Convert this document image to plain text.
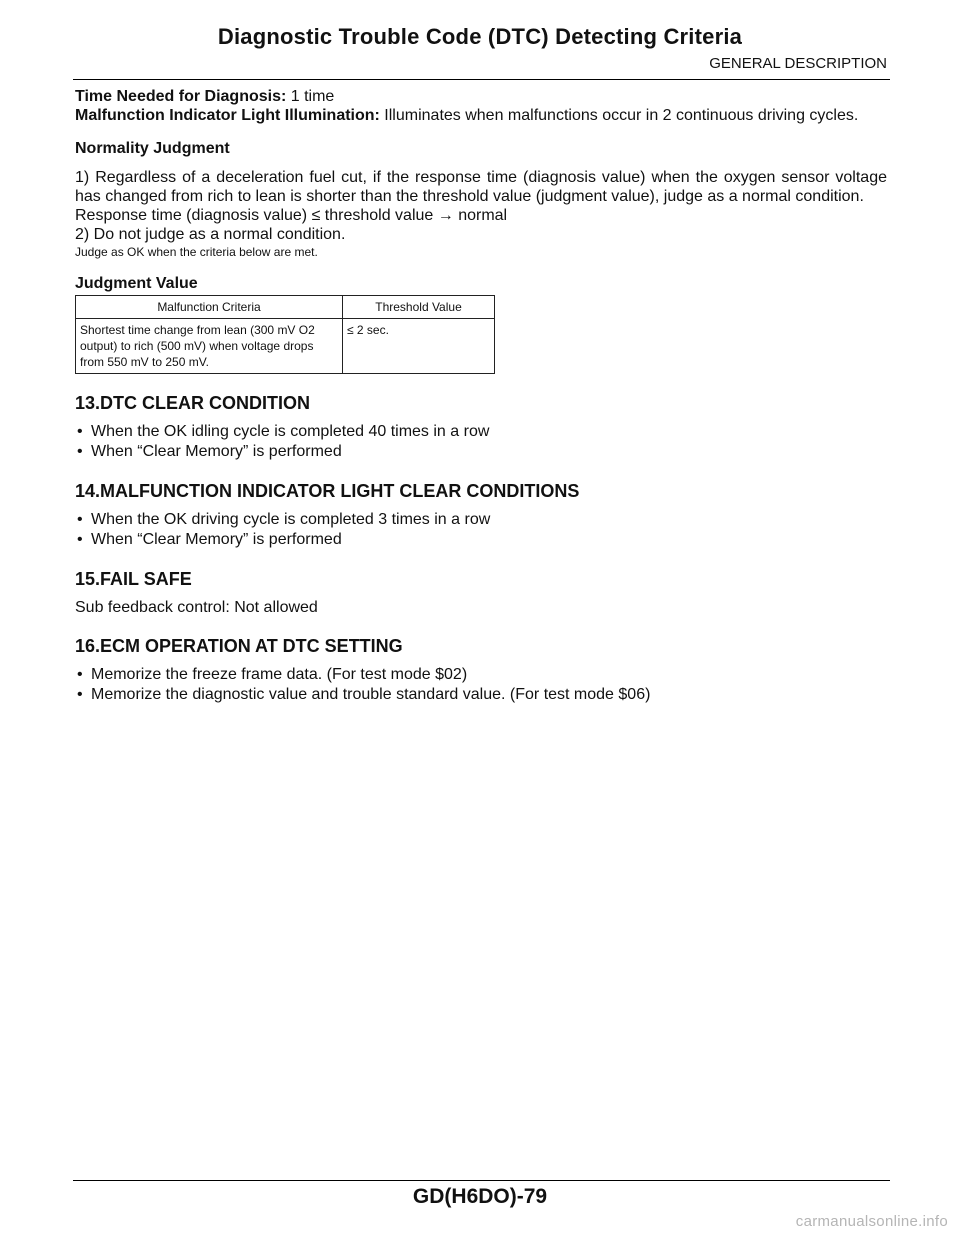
Diagnostic Trouble Code (DTC) Detecting Criteria
GENERAL DESCRIPTION

Time Needed for Diagnosis: 1 time

Malfunction Indicator Light Illumination: Illuminates when malfunctions occur in 2 continuous driving cycles.

Normality Judgment

1) Regardless of a deceleration fuel cut, if the response time (diagnosis value) when the oxygen sensor voltage has changed from rich to lean is shorter than the threshold value (judgment value), judge as a normal condition.

Response time (diagnosis value) ≤ threshold value → normal

2) Do not judge as a normal condition.

Judge as OK when the criteria below are met.

Judgment Value

Malfunction Criteria	Threshold Value
Shortest time change from lean (300 mV O2 output) to rich (500 mV) when voltage drops from 550 mV to 250 mV.	≤ 2 sec.
13.DTC CLEAR CONDITION
• When the OK idling cycle is completed 40 times in a row
• When “Clear Memory” is performed
14.MALFUNCTION INDICATOR LIGHT CLEAR CONDITIONS
• When the OK driving cycle is completed 3 times in a row
• When “Clear Memory” is performed
15.FAIL SAFE

Sub feedback control: Not allowed

16.ECM OPERATION AT DTC SETTING
• Memorize the freeze frame data. (For test mode $02)
• Memorize the diagnostic value and trouble standard value. (For test mode $06)
GD(H6DO)-79
carmanualsonline.info
